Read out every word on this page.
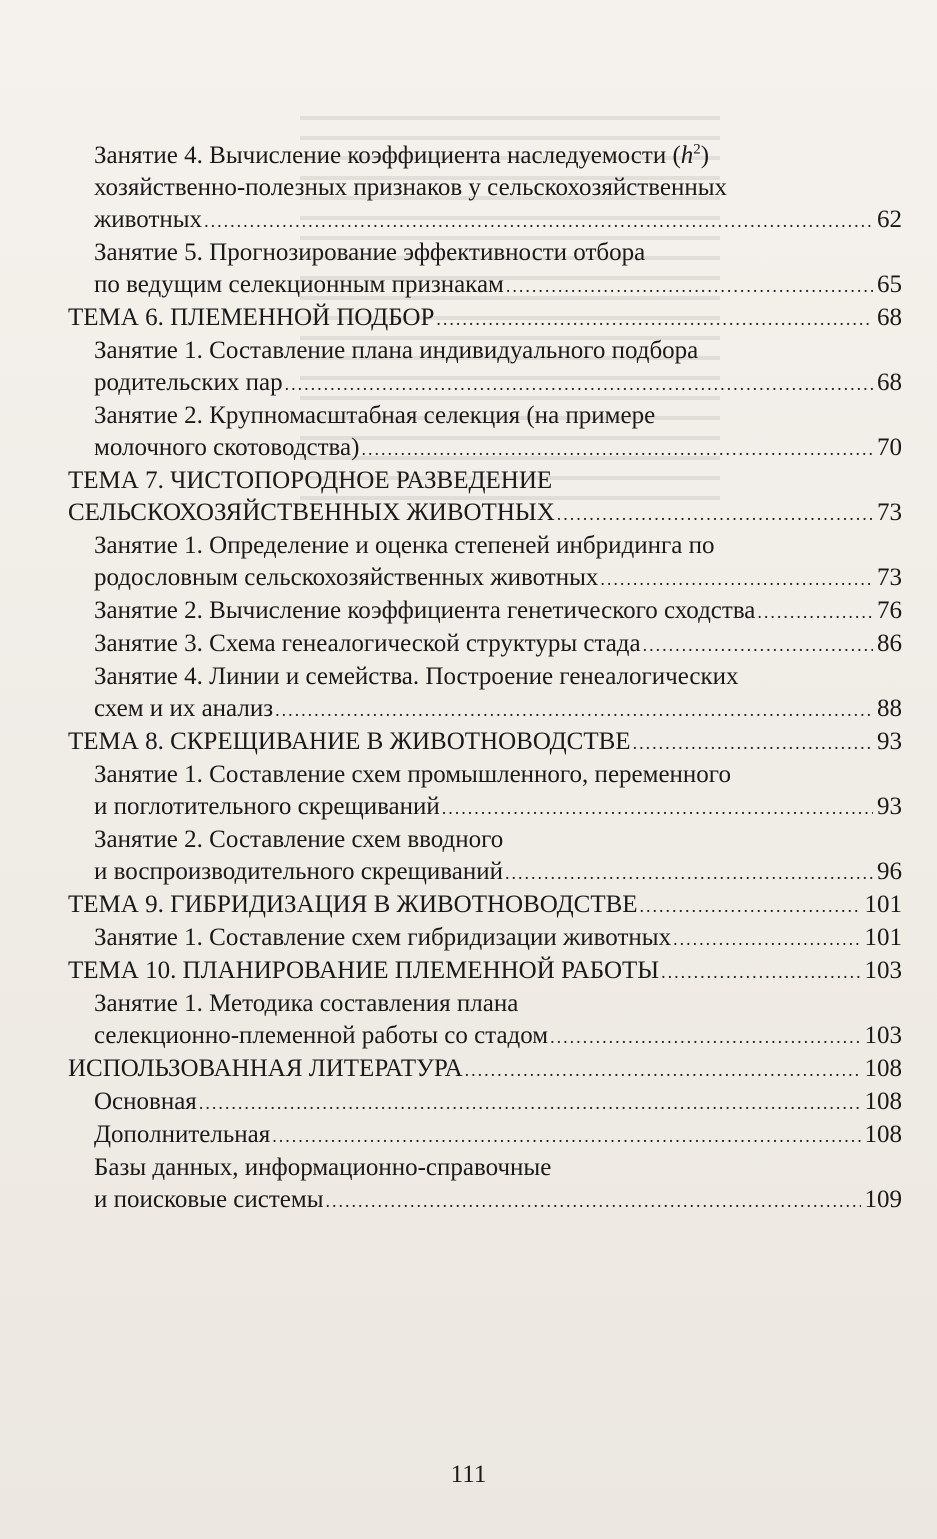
Занятие 4. Вычисление коэффициента наследуемости $(h^2)$
хозяйственно-полезных признаков у сельскохозяйственных
животных .....	62
Занятие 5. Прогнозирование эффективности отбора
по ведущим селекционным признакам .....	65
ТЕМА 6. ПЛЕМЕННОЙ ПОДБОР .....	68
Занятие 1. Составление плана индивидуального подбора
родительских пар .....	68
Занятие 2. Крупномасштабная селекция (на примере
молочного скотоводства) .....	70
ТЕМА 7. ЧИСТОПОРОДНОЕ РАЗВЕДЕНИЕ
СЕЛЬСКОХОЗЯЙСТВЕННЫХ ЖИВОТНЫХ .....	73
Занятие 1. Определение и оценка степеней инбридинга по
родословным сельскохозяйственных животных .....	73
Занятие 2. Вычисление коэффициента генетического сходства .....	76
Занятие 3. Схема генеалогической структуры стада .....	86
Занятие 4. Линии и семейства. Построение генеалогических
схем и их анализ .....	88
ТЕМА 8. СКРЕЩИВАНИЕ В ЖИВОТНОВОДСТВЕ .....	93
Занятие 1. Составление схем промышленного, переменного
и поглотительного скрещиваний .....	93
Занятие 2. Составление схем вводного
и воспроизводительного скрещиваний .....	96
ТЕМА 9. ГИБРИДИЗАЦИЯ В ЖИВОТНОВОДСТВЕ .....	101
Занятие 1. Составление схем гибридизации животных .....	101
ТЕМА 10. ПЛАНИРОВАНИЕ ПЛЕМЕННОЙ РАБОТЫ .....	103
Занятие 1. Методика составления плана
селекционно-племенной работы со стадом .....	103
ИСПОЛЬЗОВАННАЯ ЛИТЕРАТУРА .....	108
Основная .....	108
Дополнительная .....	108
Базы данных, информационно-справочные
и поисковые системы .....	109
111
